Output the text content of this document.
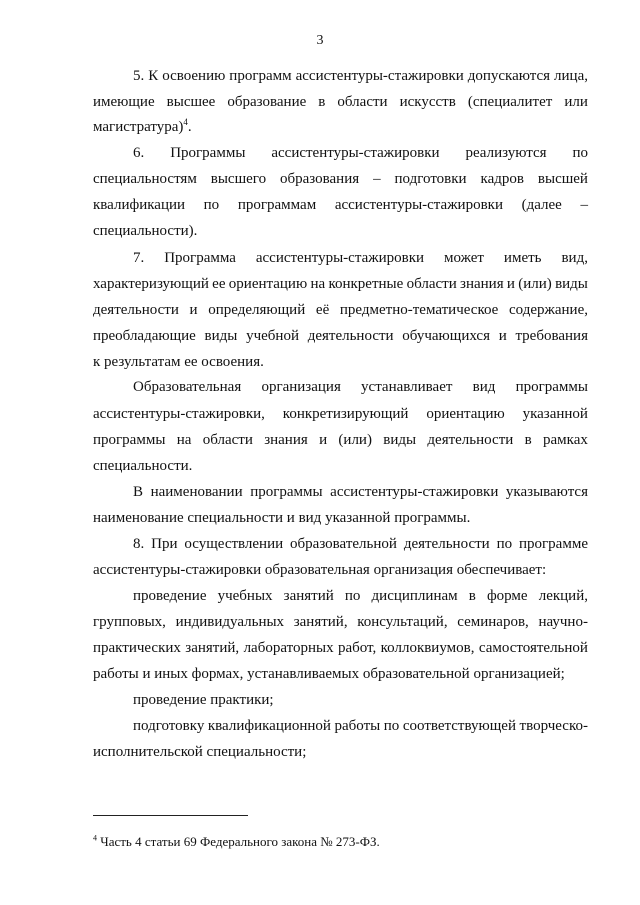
3
5. К освоению программ ассистентуры-стажировки допускаются лица,
имеющие высшее образование в области искусств (специалитет или
магистратура)$^4$.
6. Программы ассистентуры-стажировки реализуются по
специальностям высшего образования – подготовки кадров высшей
квалификации по программам ассистентуры-стажировки (далее –
специальности).
7. Программа ассистентуры-стажировки может иметь вид,
характеризующий ее ориентацию на конкретные области знания и (или) виды
деятельности и определяющий её предметно-тематическое содержание,
преобладающие виды учебной деятельности обучающихся и требования
к результатам ее освоения.
Образовательная организация устанавливает вид программы
ассистентуры-стажировки, конкретизирующий ориентацию указанной
программы на области знания и (или) виды деятельности в рамках
специальности.
В наименовании программы ассистентуры-стажировки указываются
наименование специальности и вид указанной программы.
8. При осуществлении образовательной деятельности по программе
ассистентуры-стажировки образовательная организация обеспечивает:
проведение учебных занятий по дисциплинам в форме лекций,
групповых, индивидуальных занятий, консультаций, семинаров, научно-
практических занятий, лабораторных работ, коллоквиумов, самостоятельной
работы и иных формах, устанавливаемых образовательной организацией;
проведение практики;
подготовку квалификационной работы по соответствующей творческо-
исполнительской специальности;
$^4$ Часть 4 статьи 69 Федерального закона № 273-ФЗ.
